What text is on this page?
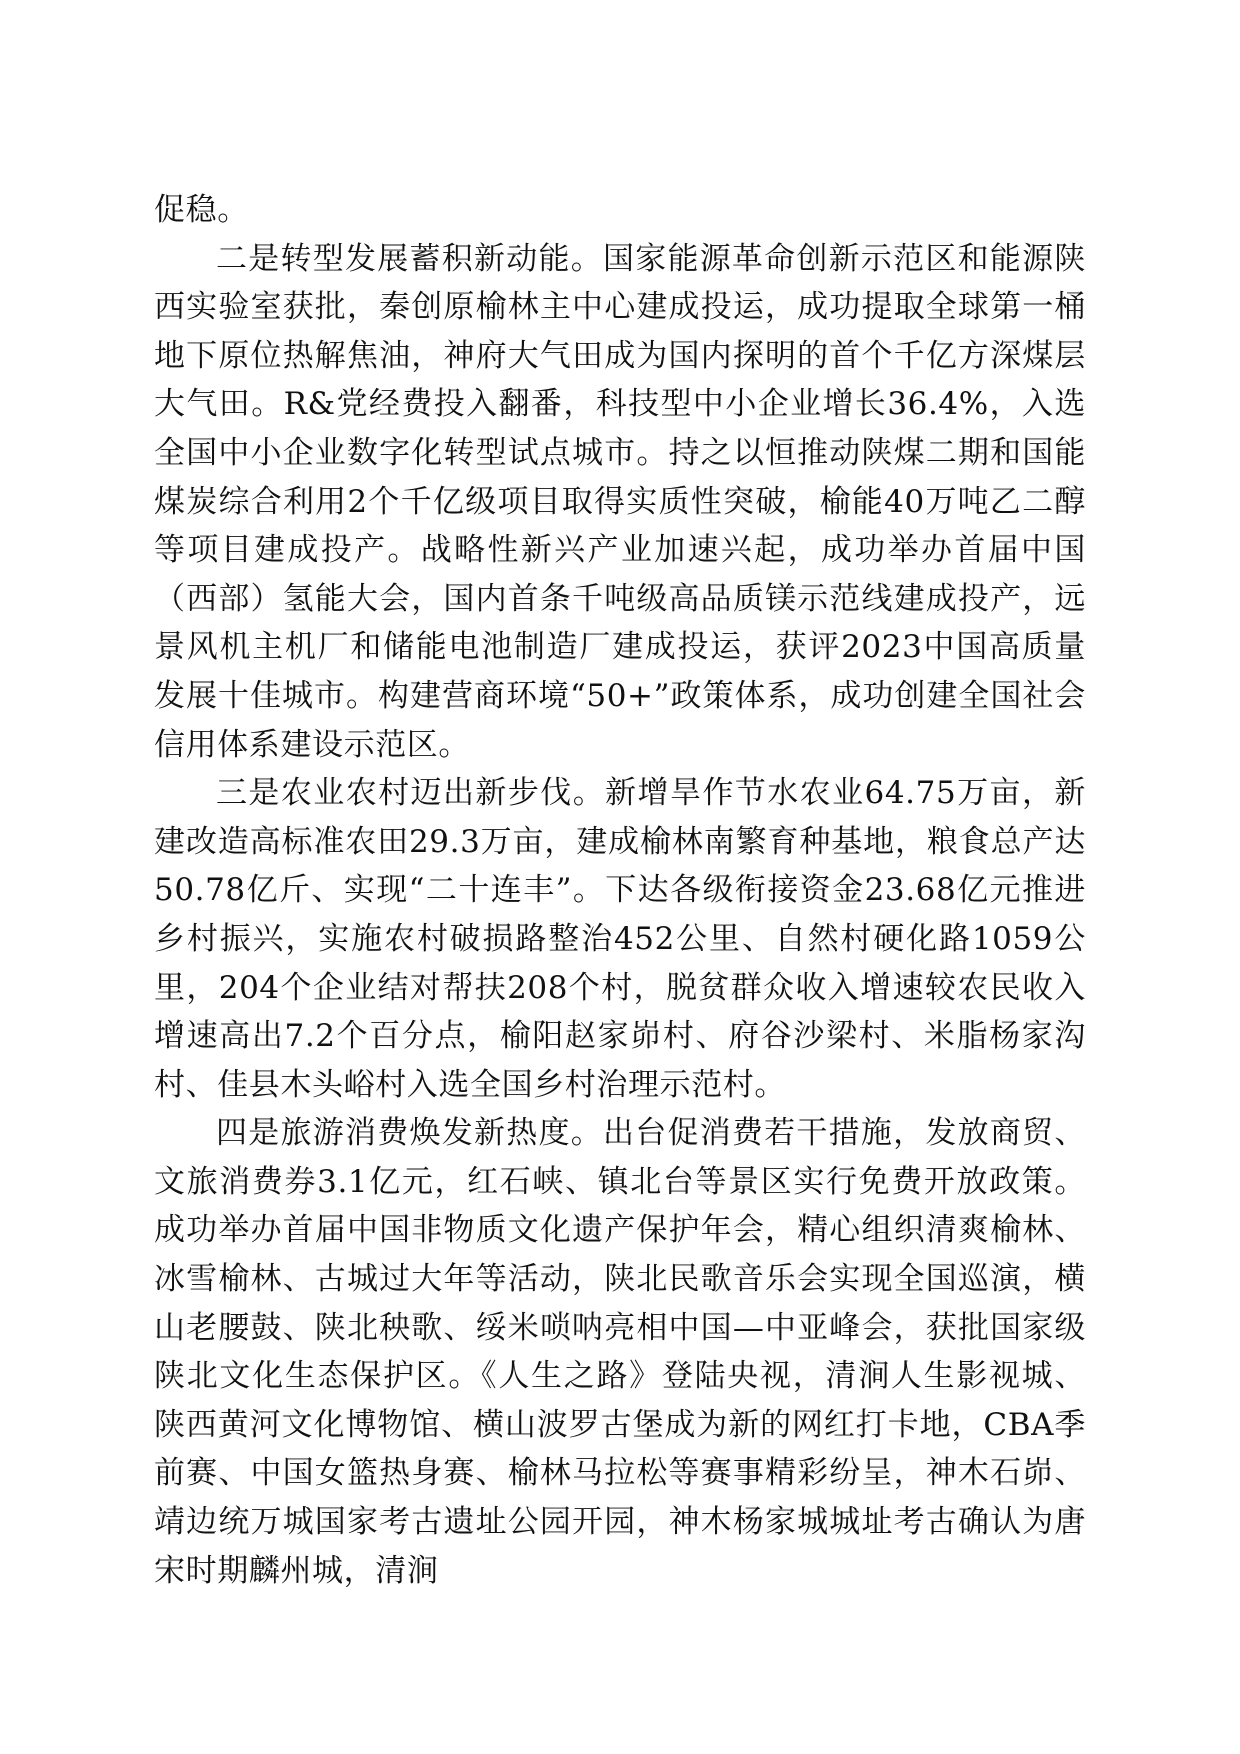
促稳。

二是转型发展蓄积新动能。国家能源革命创新示范区和能源陕西实验室获批，秦创原榆林主中心建成投运，成功提取全球第一桶地下原位热解焦油，神府大气田成为国内探明的首个千亿方深煤层大气田。R&党经费投入翻番，科技型中小企业增长36.4%，入选全国中小企业数字化转型试点城市。持之以恒推动陕煤二期和国能煤炭综合利用2个千亿级项目取得实质性突破，榆能40万吨乙二醇等项目建成投产。战略性新兴产业加速兴起，成功举办首届中国（西部）氢能大会，国内首条千吨级高品质镁示范线建成投产，远景风机主机厂和储能电池制造厂建成投运，获评2023中国高质量发展十佳城市。构建营商环境“50+”政策体系，成功创建全国社会信用体系建设示范区。

三是农业农村迈出新步伐。新增旱作节水农业64.75万亩，新建改造高标准农田29.3万亩，建成榆林南繁育种基地，粮食总产达50.78亿斤、实现“二十连丰”。下达各级衔接资金23.68亿元推进乡村振兴，实施农村破损路整治452公里、自然村硬化路1059公里，204个企业结对帮扶208个村，脱贫群众收入增速较农民收入增速高出7.2个百分点，榆阳赵家峁村、府谷沙梁村、米脂杨家沟村、佳县木头峪村入选全国乡村治理示范村。

四是旅游消费焕发新热度。出台促消费若干措施，发放商贸、文旅消费券3.1亿元，红石峡、镇北台等景区实行免费开放政策。成功举办首届中国非物质文化遗产保护年会，精心组织清爽榆林、冰雪榆林、古城过大年等活动，陕北民歌音乐会实现全国巡演，横山老腰鼓、陕北秧歌、绥米唢呐亮相中国—中亚峰会，获批国家级陕北文化生态保护区。《人生之路》登陆央视，清涧人生影视城、陕西黄河文化博物馆、横山波罗古堡成为新的网红打卡地，CBA季前赛、中国女篮热身赛、榆林马拉松等赛事精彩纷呈，神木石峁、靖边统万城国家考古遗址公园开园，神木杨家城城址考古确认为唐宋时期麟州城，清涧
